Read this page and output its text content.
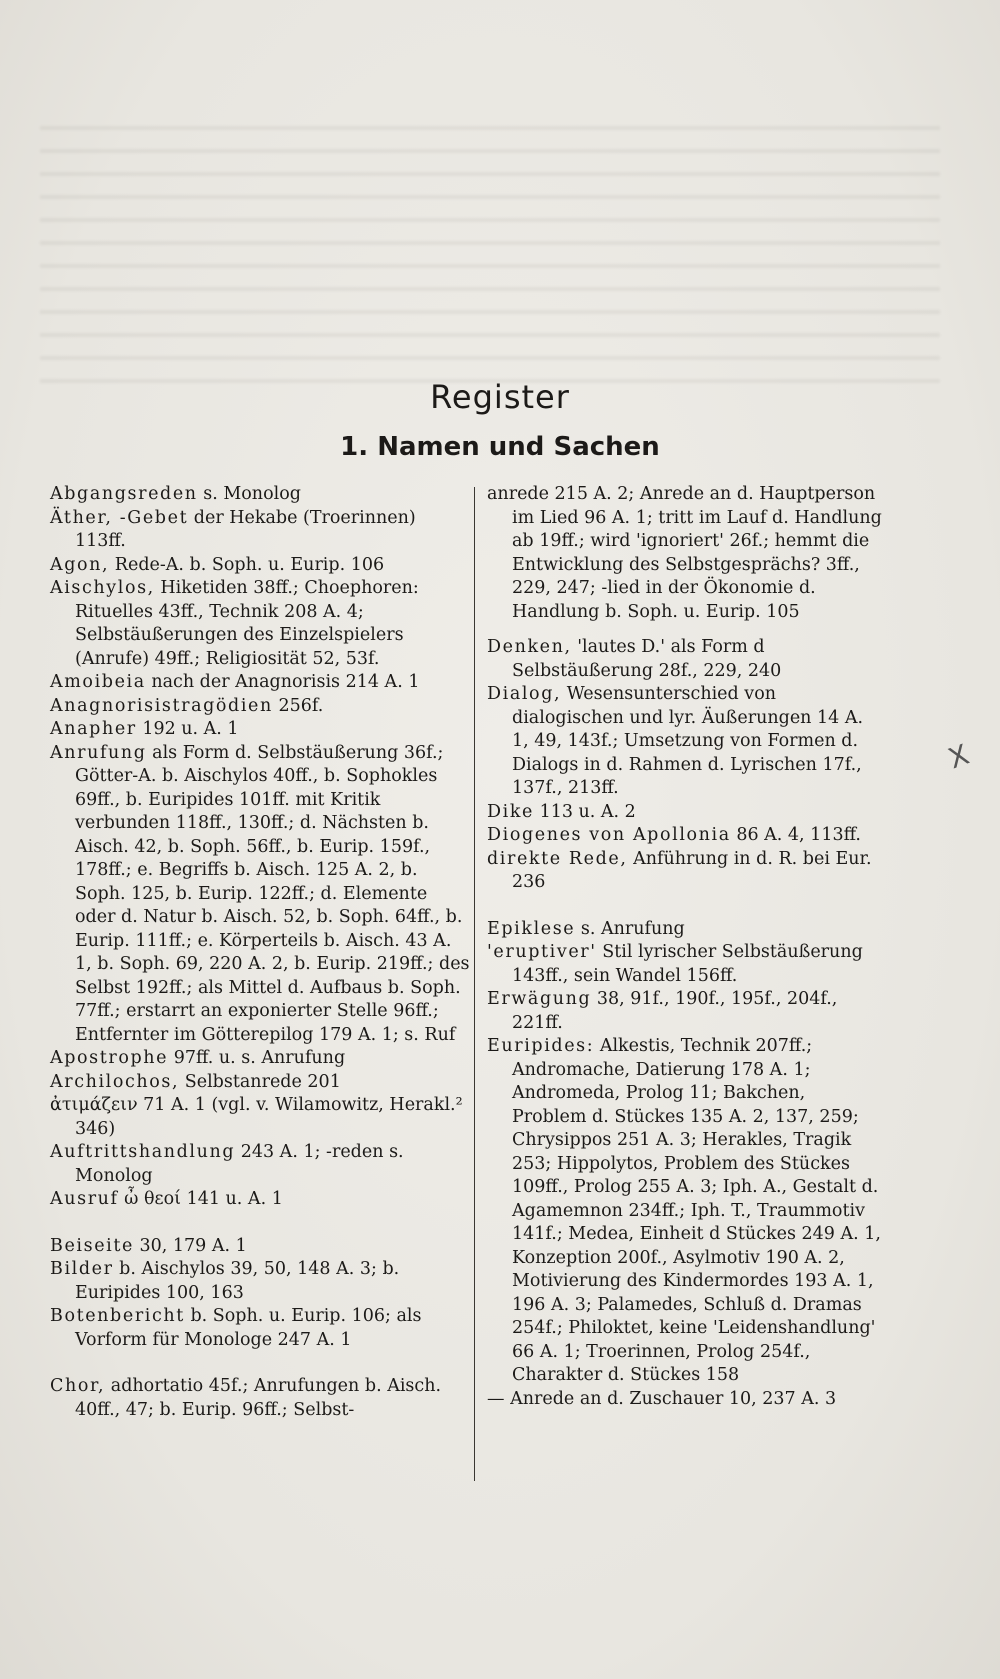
Register
1. Namen und Sachen

Abgangsreden s. Monolog

Äther, -Gebet der Hekabe (Troerinnen) 113ff.

Agon, Rede-A. b. Soph. u. Eurip. 106

Aischylos, Hiketiden 38ff.; Choephoren: Rituelles 43ff., Technik 208 A. 4; Selbstäußerungen des Einzelspielers (Anrufe) 49ff.; Religiosität 52, 53f.

Amoibeia nach der Anagnorisis 214 A. 1

Anagnorisistragödien 256f.

Anapher 192 u. A. 1

Anrufung als Form d. Selbstäußerung 36f.; Götter-A. b. Aischylos 40ff., b. Sophokles 69ff., b. Euripides 101ff. mit Kritik verbunden 118ff., 130ff.; d. Nächsten b. Aisch. 42, b. Soph. 56ff., b. Eurip. 159f., 178ff.; e. Begriffs b. Aisch. 125 A. 2, b. Soph. 125, b. Eurip. 122ff.; d. Elemente oder d. Natur b. Aisch. 52, b. Soph. 64ff., b. Eurip. 111ff.; e. Körperteils b. Aisch. 43 A. 1, b. Soph. 69, 220 A. 2, b. Eurip. 219ff.; des Selbst 192ff.; als Mittel d. Aufbaus b. Soph. 77ff.; erstarrt an exponierter Stelle 96ff.; Entfernter im Götterepilog 179 A. 1; s. Ruf

Apostrophe 97ff. u. s. Anrufung

Archilochos, Selbstanrede 201

ἀτιμάζειν 71 A. 1 (vgl. v. Wilamowitz, Herakl.² 346)

Auftrittshandlung 243 A. 1; -reden s. Monolog

Ausruf ὦ θεοί 141 u. A. 1

Beiseite 30, 179 A. 1

Bilder b. Aischylos 39, 50, 148 A. 3; b. Euripides 100, 163

Botenbericht b. Soph. u. Eurip. 106; als Vorform für Monologe 247 A. 1

Chor, adhortatio 45f.; Anrufungen b. Aisch. 40ff., 47; b. Eurip. 96ff.; Selbst-

anrede 215 A. 2; Anrede an d. Hauptperson im Lied 96 A. 1; tritt im Lauf d. Handlung ab 19ff.; wird 'ignoriert' 26f.; hemmt die Entwicklung des Selbstgesprächs? 3ff., 229, 247; -lied in der Ökonomie d. Handlung b. Soph. u. Eurip. 105

Denken, 'lautes D.' als Form d Selbstäußerung 28f., 229, 240

Dialog, Wesensunterschied von dialogischen und lyr. Äußerungen 14 A. 1, 49, 143f.; Umsetzung von Formen d. Dialogs in d. Rahmen d. Lyrischen 17f., 137f., 213ff.

Dike 113 u. A. 2

Diogenes von Apollonia 86 A. 4, 113ff.

direkte Rede, Anführung in d. R. bei Eur. 236

Epiklese s. Anrufung

'eruptiver' Stil lyrischer Selbstäußerung 143ff., sein Wandel 156ff.

Erwägung 38, 91f., 190f., 195f., 204f., 221ff.

Euripides: Alkestis, Technik 207ff.; Andromache, Datierung 178 A. 1; Andromeda, Prolog 11; Bakchen, Problem d. Stückes 135 A. 2, 137, 259; Chrysippos 251 A. 3; Herakles, Tragik 253; Hippolytos, Problem des Stückes 109ff., Prolog 255 A. 3; Iph. A., Gestalt d. Agamemnon 234ff.; Iph. T., Traummotiv 141f.; Medea, Einheit d Stückes 249 A. 1, Konzeption 200f., Asylmotiv 190 A. 2, Motivierung des Kindermordes 193 A. 1, 196 A. 3; Palamedes, Schluß d. Dramas 254f.; Philoktet, keine 'Leidenshandlung' 66 A. 1; Troerinnen, Prolog 254f., Charakter d. Stückes 158

— Anrede an d. Zuschauer 10, 237 A. 3

X
